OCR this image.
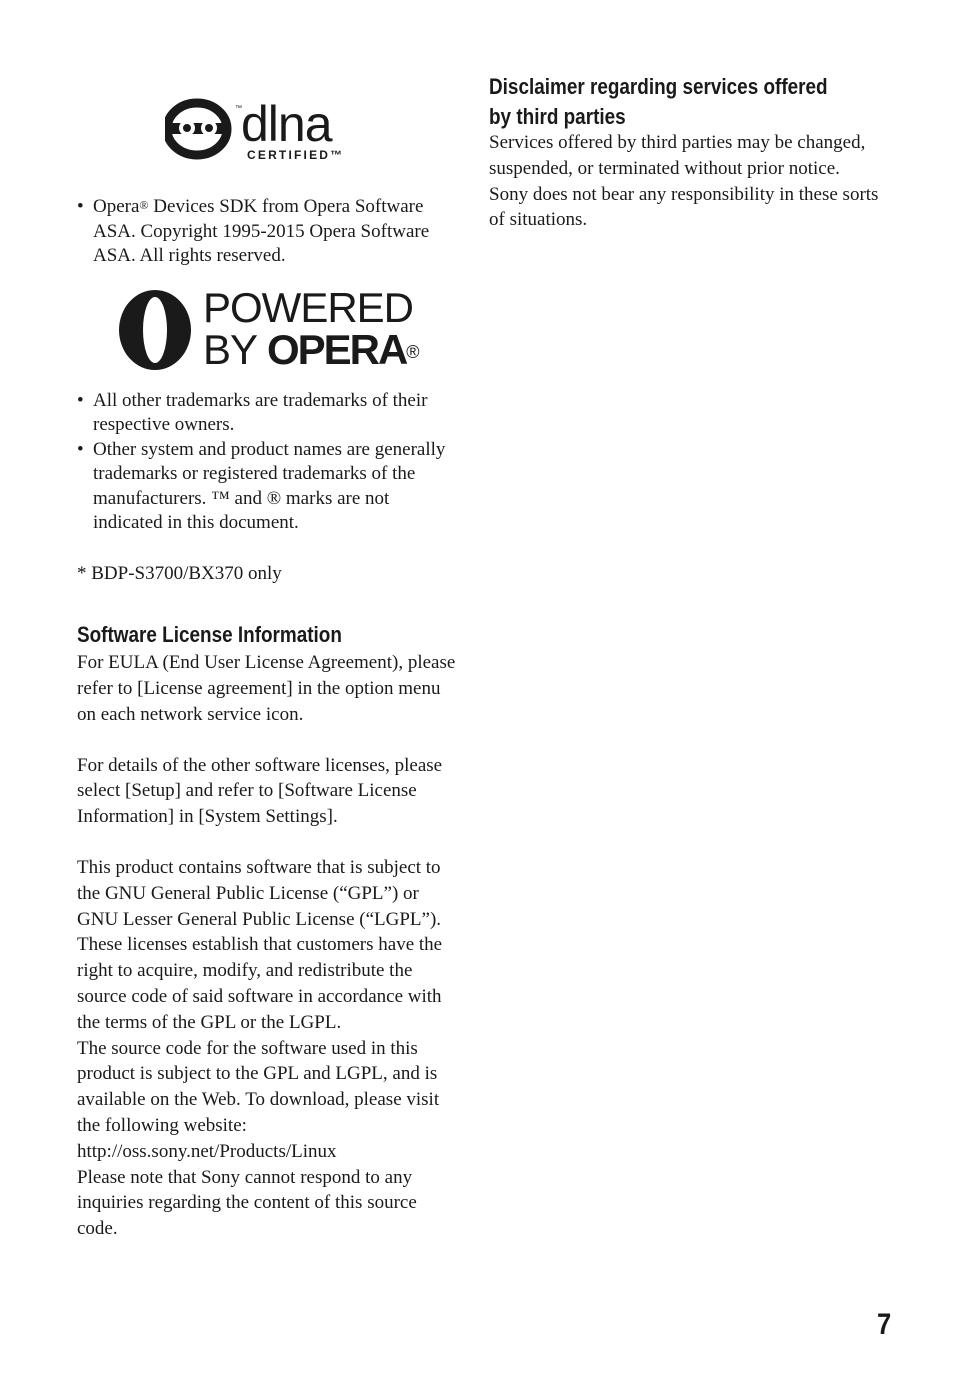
dlna
™
CERTIFIED™
• Opera® Devices SDK from Opera Software ASA. Copyright 1995-2015 Opera Software ASA. All rights reserved.
POWERED
BY OPERA®
• All other trademarks are trademarks of their respective owners.
• Other system and product names are generally trademarks or registered trademarks of the manufacturers. ™ and ® marks are not indicated in this document.

* BDP-S3700/BX370 only

Software License Information

For EULA (End User License Agreement), please refer to [License agreement] in the option menu on each network service icon.

For details of the other software licenses, please select [Setup] and refer to [Software License Information] in [System Settings].

This product contains software that is subject to the GNU General Public License (“GPL”) or GNU Lesser General Public License (“LGPL”). These licenses establish that customers have the right to acquire, modify, and redistribute the source code of said software in accordance with the terms of the GPL or the LGPL.

The source code for the software used in this product is subject to the GPL and LGPL, and is available on the Web. To download, please visit the following website:

http://oss.sony.net/Products/Linux

Please note that Sony cannot respond to any inquiries regarding the content of this source code.

Disclaimer regarding services offered
by third parties

Services offered by third parties may be changed, suspended, or terminated without prior notice. Sony does not bear any responsibility in these sorts of situations.

7
